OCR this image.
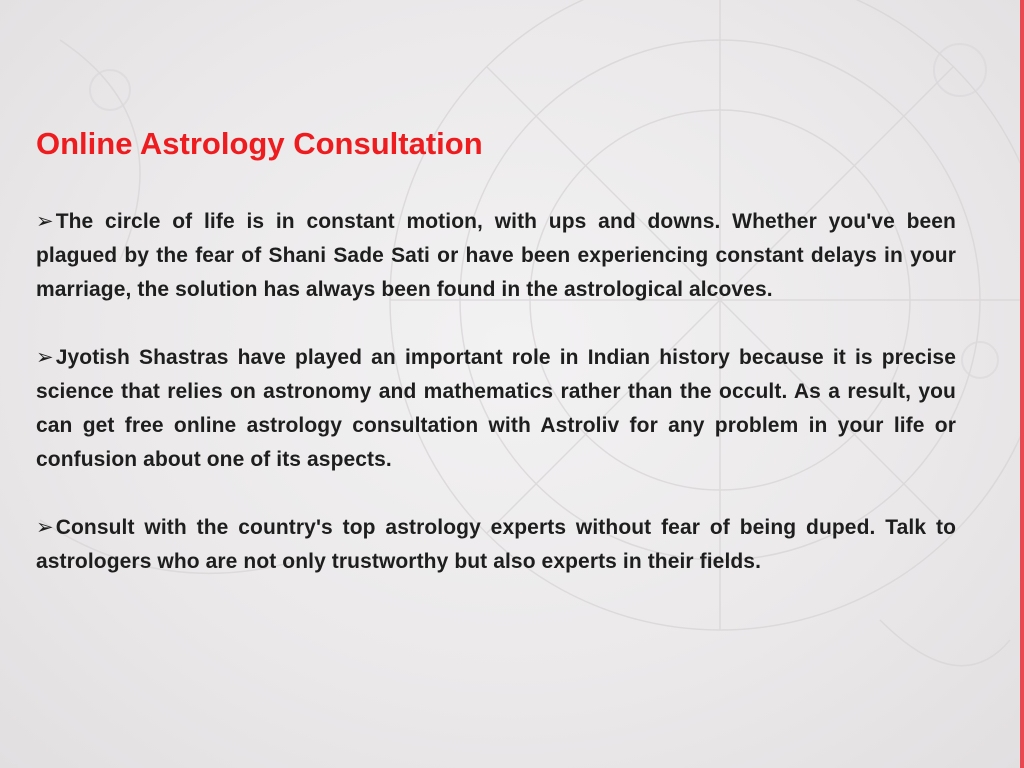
Online Astrology Consultation

➢The circle of life is in constant motion, with ups and downs. Whether you've been plagued by the fear of Shani Sade Sati or have been experiencing constant delays in your marriage, the solution has always been found in the astrological alcoves.

➢Jyotish Shastras have played an important role in Indian history because it is precise science that relies on astronomy and mathematics rather than the occult. As a result, you can get free online astrology consultation with Astroliv for any problem in your life or confusion about one of its aspects.

➢Consult with the country's top astrology experts without fear of being duped. Talk to astrologers who are not only trustworthy but also experts in their fields.
